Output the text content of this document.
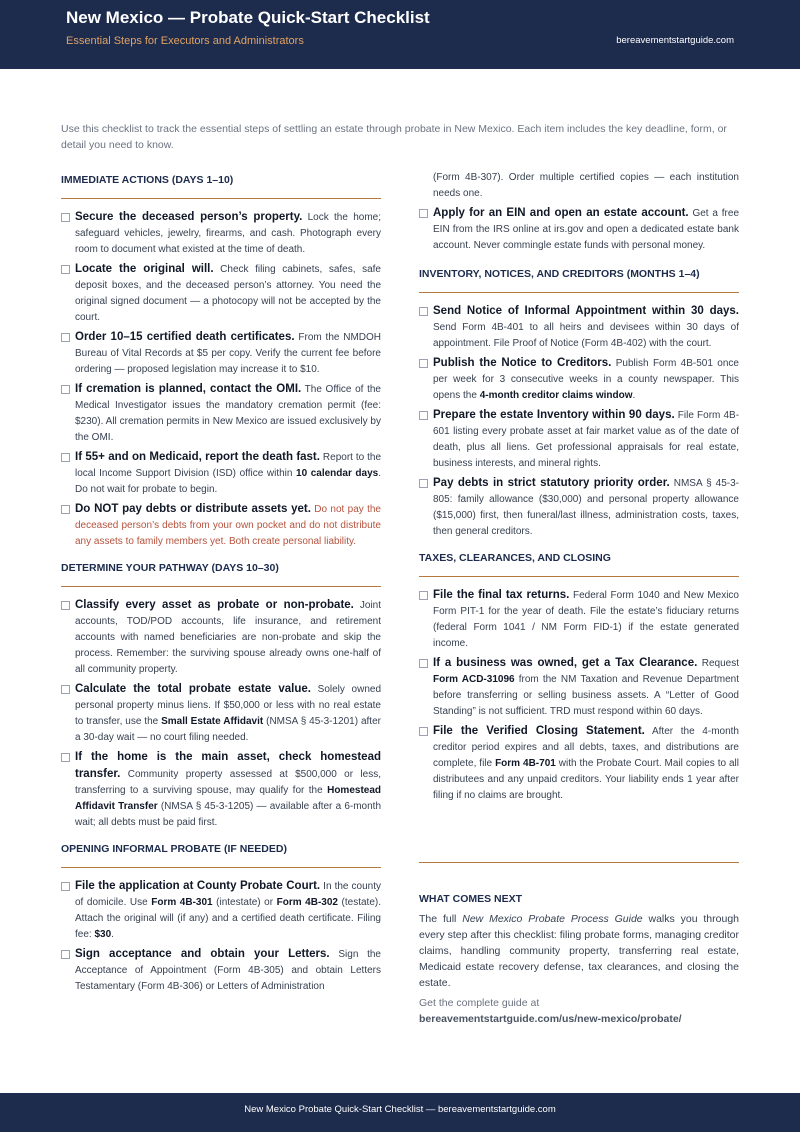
New Mexico — Probate Quick-Start Checklist
Essential Steps for Executors and Administrators	bereavementstartguide.com
Use this checklist to track the essential steps of settling an estate through probate in New Mexico. Each item includes the key deadline, form, or detail you need to know.
IMMEDIATE ACTIONS (DAYS 1–10)
Secure the deceased person’s property. Lock the home; safeguard vehicles, jewelry, firearms, and cash. Photograph every room to document what existed at the time of death.
Locate the original will. Check filing cabinets, safes, safe deposit boxes, and the deceased person’s attorney. You need the original signed document — a photocopy will not be accepted by the court.
Order 10–15 certified death certificates. From the NMDOH Bureau of Vital Records at $5 per copy. Verify the current fee before ordering — proposed legislation may increase it to $10.
If cremation is planned, contact the OMI. The Office of the Medical Investigator issues the mandatory cremation permit (fee: $230). All cremation permits in New Mexico are issued exclusively by the OMI.
If 55+ and on Medicaid, report the death fast. Report to the local Income Support Division (ISD) office within 10 calendar days. Do not wait for probate to begin.
Do NOT pay debts or distribute assets yet. Do not pay the deceased person’s debts from your own pocket and do not distribute any assets to family members yet. Both create personal liability.
DETERMINE YOUR PATHWAY (DAYS 10–30)
Classify every asset as probate or non-probate. Joint accounts, TOD/POD accounts, life insurance, and retirement accounts with named beneficiaries are non-probate and skip the process. Remember: the surviving spouse already owns one-half of all community property.
Calculate the total probate estate value. Solely owned personal property minus liens. If $50,000 or less with no real estate to transfer, use the Small Estate Affidavit (NMSA § 45-3-1201) after a 30-day wait — no court filing needed.
If the home is the main asset, check homestead transfer. Community property assessed at $500,000 or less, transferring to a surviving spouse, may qualify for the Homestead Affidavit Transfer (NMSA § 45-3-1205) — available after a 6-month wait; all debts must be paid first.
OPENING INFORMAL PROBATE (IF NEEDED)
File the application at County Probate Court. In the county of domicile. Use Form 4B-301 (intestate) or Form 4B-302 (testate). Attach the original will (if any) and a certified death certificate. Filing fee: $30.
Sign acceptance and obtain your Letters. Sign the Acceptance of Appointment (Form 4B-305) and obtain Letters Testamentary (Form 4B-306) or Letters of Administration
(Form 4B-307). Order multiple certified copies — each institution needs one.
Apply for an EIN and open an estate account. Get a free EIN from the IRS online at irs.gov and open a dedicated estate bank account. Never commingle estate funds with personal money.
INVENTORY, NOTICES, AND CREDITORS (MONTHS 1–4)
Send Notice of Informal Appointment within 30 days. Send Form 4B-401 to all heirs and devisees within 30 days of appointment. File Proof of Notice (Form 4B-402) with the court.
Publish the Notice to Creditors. Publish Form 4B-501 once per week for 3 consecutive weeks in a county newspaper. This opens the 4-month creditor claims window.
Prepare the estate Inventory within 90 days. File Form 4B-601 listing every probate asset at fair market value as of the date of death, plus all liens. Get professional appraisals for real estate, business interests, and mineral rights.
Pay debts in strict statutory priority order. NMSA § 45-3-805: family allowance ($30,000) and personal property allowance ($15,000) first, then funeral/last illness, administration costs, taxes, then general creditors.
TAXES, CLEARANCES, AND CLOSING
File the final tax returns. Federal Form 1040 and New Mexico Form PIT-1 for the year of death. File the estate’s fiduciary returns (federal Form 1041 / NM Form FID-1) if the estate generated income.
If a business was owned, get a Tax Clearance. Request Form ACD-31096 from the NM Taxation and Revenue Department before transferring or selling business assets. A “Letter of Good Standing” is not sufficient. TRD must respond within 60 days.
File the Verified Closing Statement. After the 4-month creditor period expires and all debts, taxes, and distributions are complete, file Form 4B-701 with the Probate Court. Mail copies to all distributees and any unpaid creditors. Your liability ends 1 year after filing if no claims are brought.
WHAT COMES NEXT
The full New Mexico Probate Process Guide walks you through every step after this checklist: filing probate forms, managing creditor claims, handling community property, transferring real estate, Medicaid estate recovery defense, tax clearances, and closing the estate.
Get the complete guide at
bereavementstartguide.com/us/new-mexico/probate/
New Mexico Probate Quick-Start Checklist — bereavementstartguide.com
